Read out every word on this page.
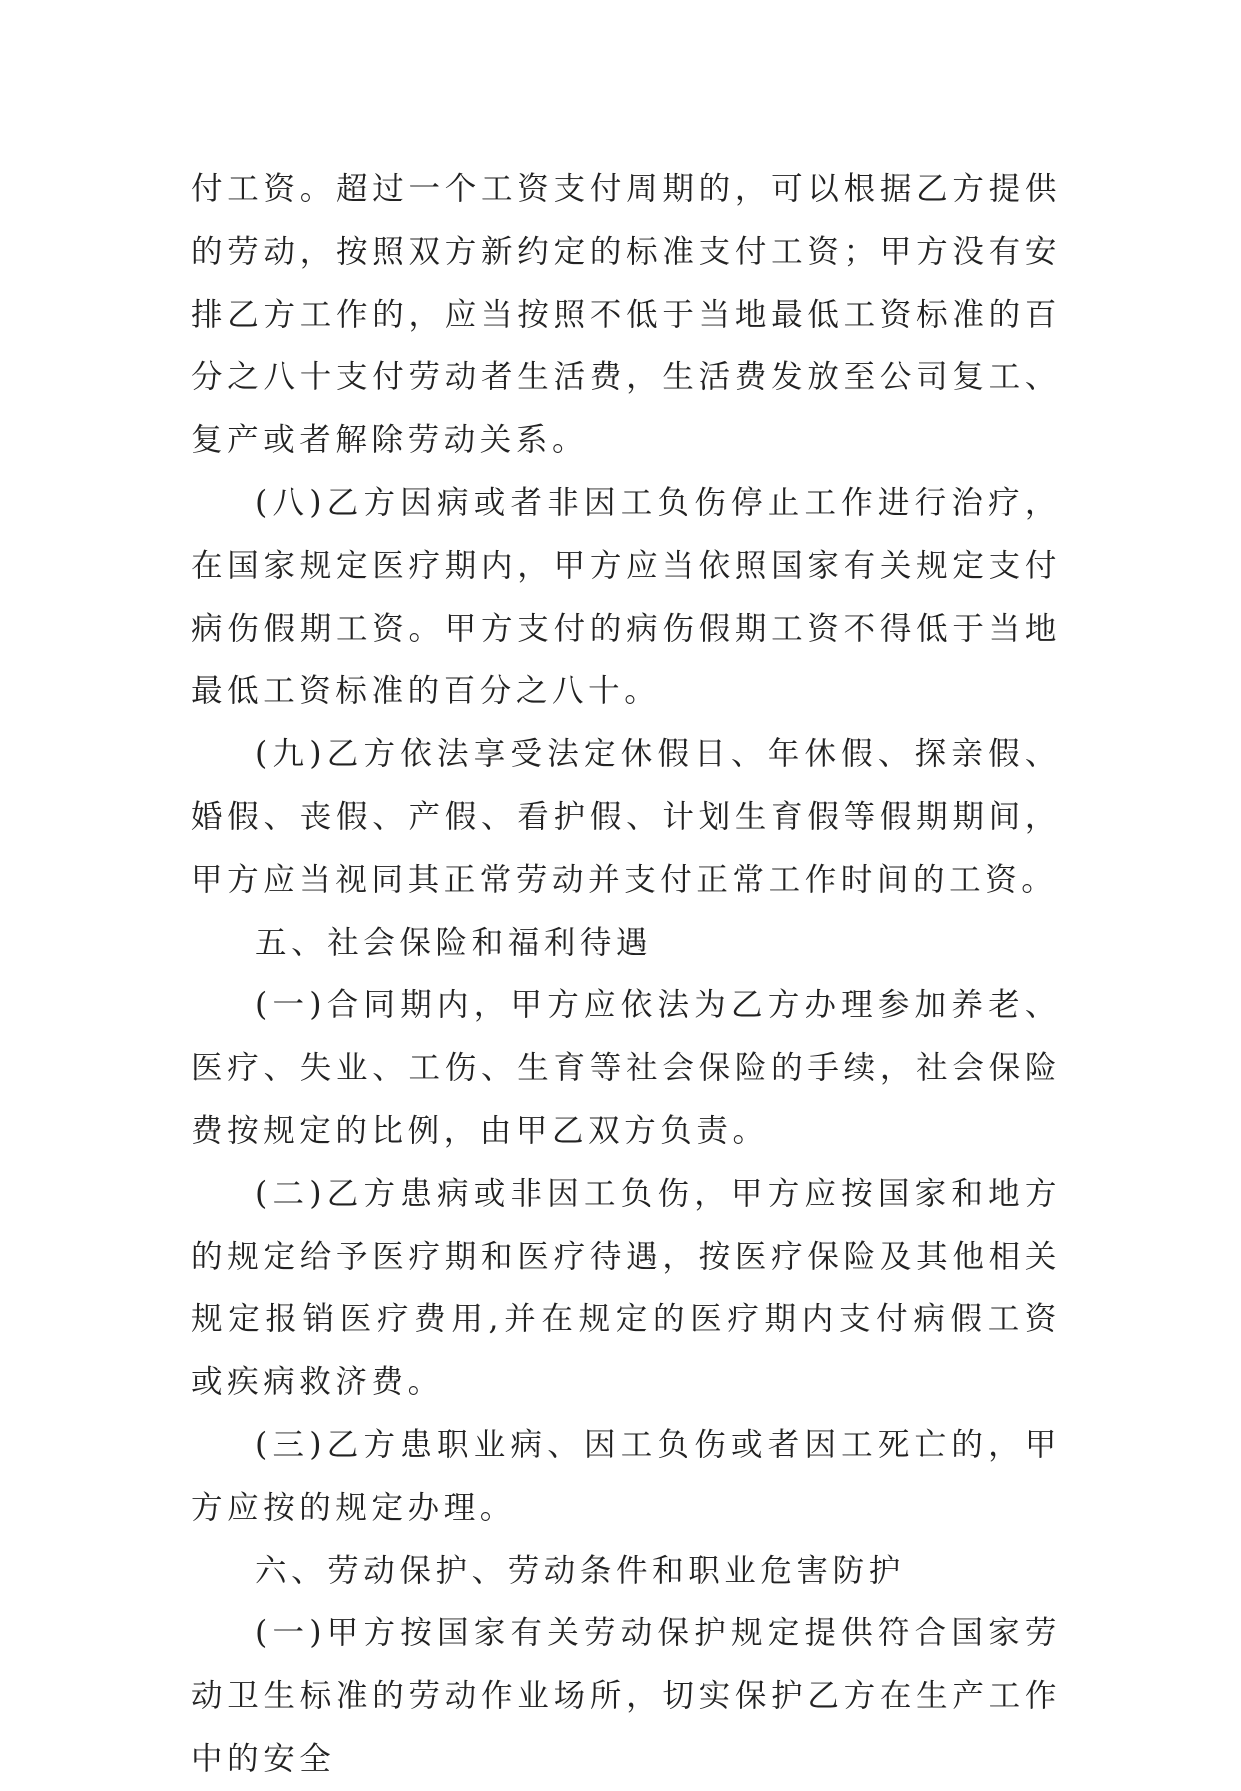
付工资。超过一个工资支付周期的，可以根据乙方提供的劳动，按照双方新约定的标准支付工资；甲方没有安排乙方工作的，应当按照不低于当地最低工资标准的百分之八十支付劳动者生活费，生活费发放至公司复工、复产或者解除劳动关系。

(八)乙方因病或者非因工负伤停止工作进行治疗，在国家规定医疗期内，甲方应当依照国家有关规定支付病伤假期工资。甲方支付的病伤假期工资不得低于当地最低工资标准的百分之八十。

(九)乙方依法享受法定休假日、年休假、探亲假、婚假、丧假、产假、看护假、计划生育假等假期期间，甲方应当视同其正常劳动并支付正常工作时间的工资。

五、社会保险和福利待遇

(一)合同期内，甲方应依法为乙方办理参加养老、医疗、失业、工伤、生育等社会保险的手续，社会保险费按规定的比例，由甲乙双方负责。

(二)乙方患病或非因工负伤，甲方应按国家和地方的规定给予医疗期和医疗待遇，按医疗保险及其他相关规定报销医疗费用,并在规定的医疗期内支付病假工资或疾病救济费。

(三)乙方患职业病、因工负伤或者因工死亡的，甲方应按的规定办理。

六、劳动保护、劳动条件和职业危害防护

(一)甲方按国家有关劳动保护规定提供符合国家劳动卫生标准的劳动作业场所，切实保护乙方在生产工作中的安全
